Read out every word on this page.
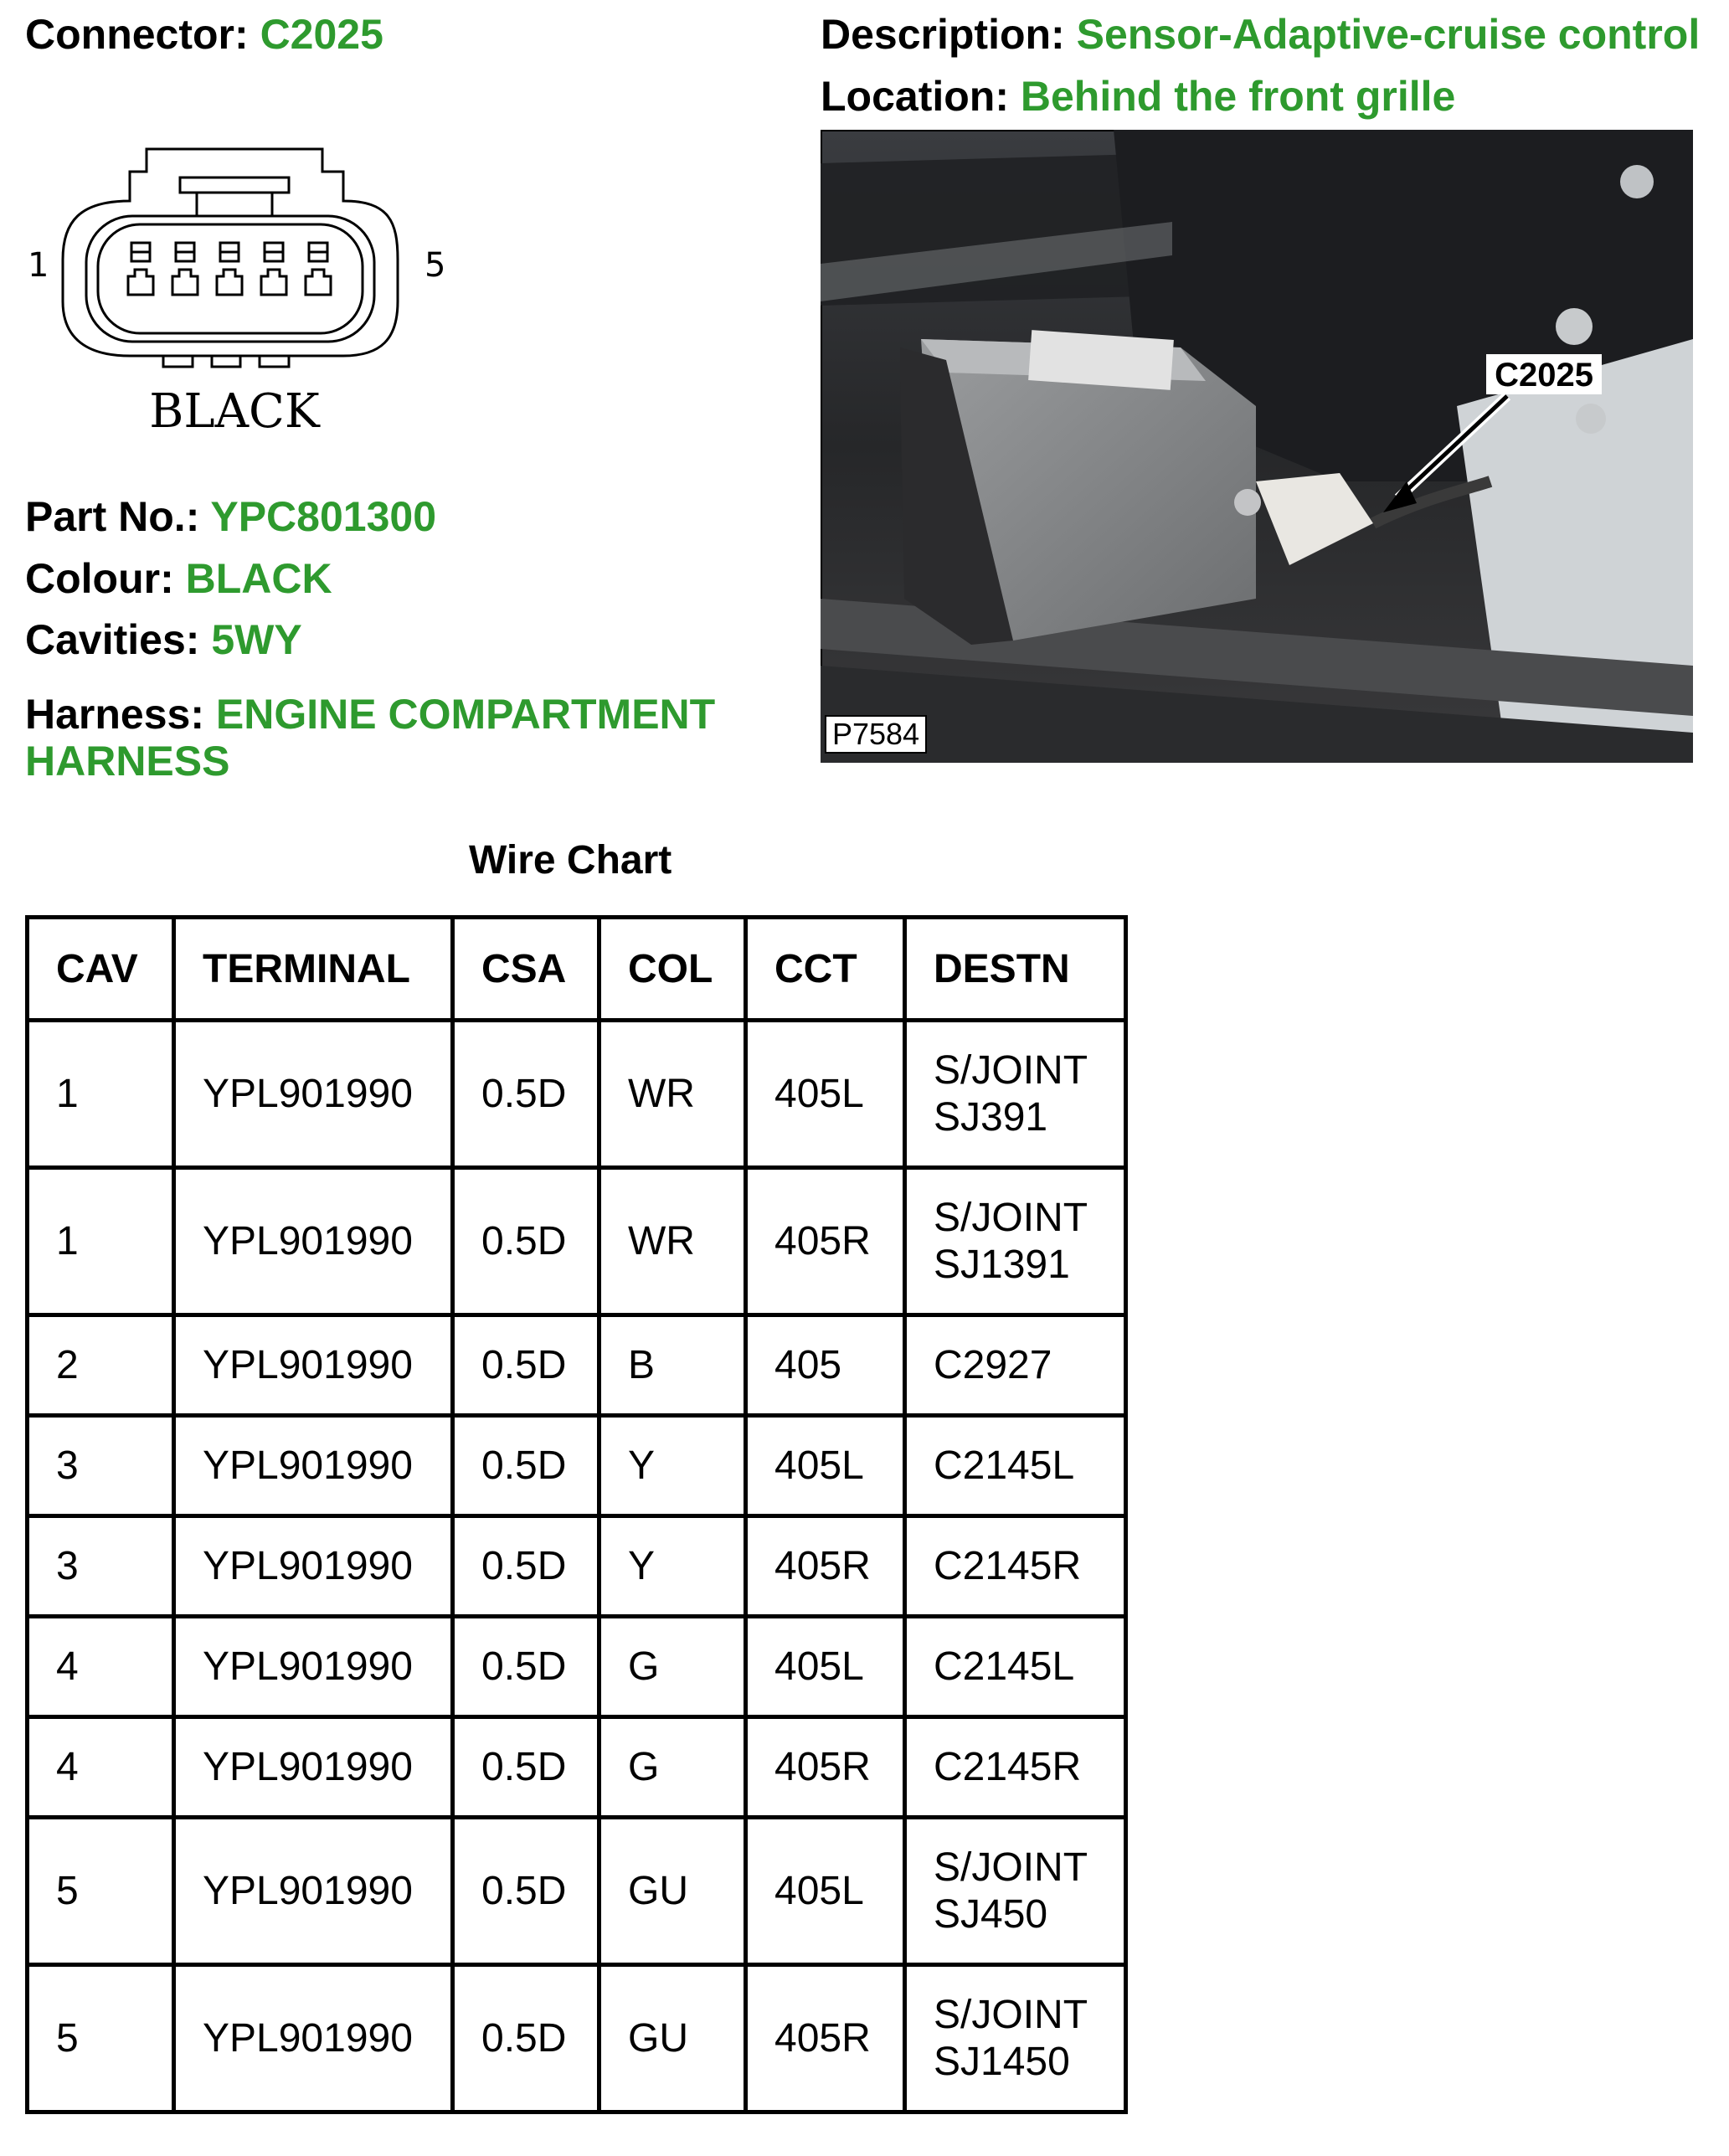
Connector: C2025	Description: Sensor-Adaptive-cruise control
Location: Behind the front grille
1	5
BLACK
Part No.: YPC801300
Colour: BLACK
Cavities: 5WY
Harness: ENGINE COMPARTMENT
HARNESS
C2025
P7584
Wire Chart
CAV	TERMINAL	CSA	COL	CCT	DESTN
1	YPL901990	0.5D	WR	405L	S/JOINT
SJ391

1	YPL901990	0.5D	WR	405R	S/JOINT
SJ1391

2	YPL901990	0.5D	B	405	C2927
3	YPL901990	0.5D	Y	405L	C2145L
3	YPL901990	0.5D	Y	405R	C2145R
4	YPL901990	0.5D	G	405L	C2145L
4	YPL901990	0.5D	G	405R	C2145R
5	YPL901990	0.5D	GU	405L	S/JOINT
SJ450

5	YPL901990	0.5D	GU	405R	S/JOINT
SJ1450
